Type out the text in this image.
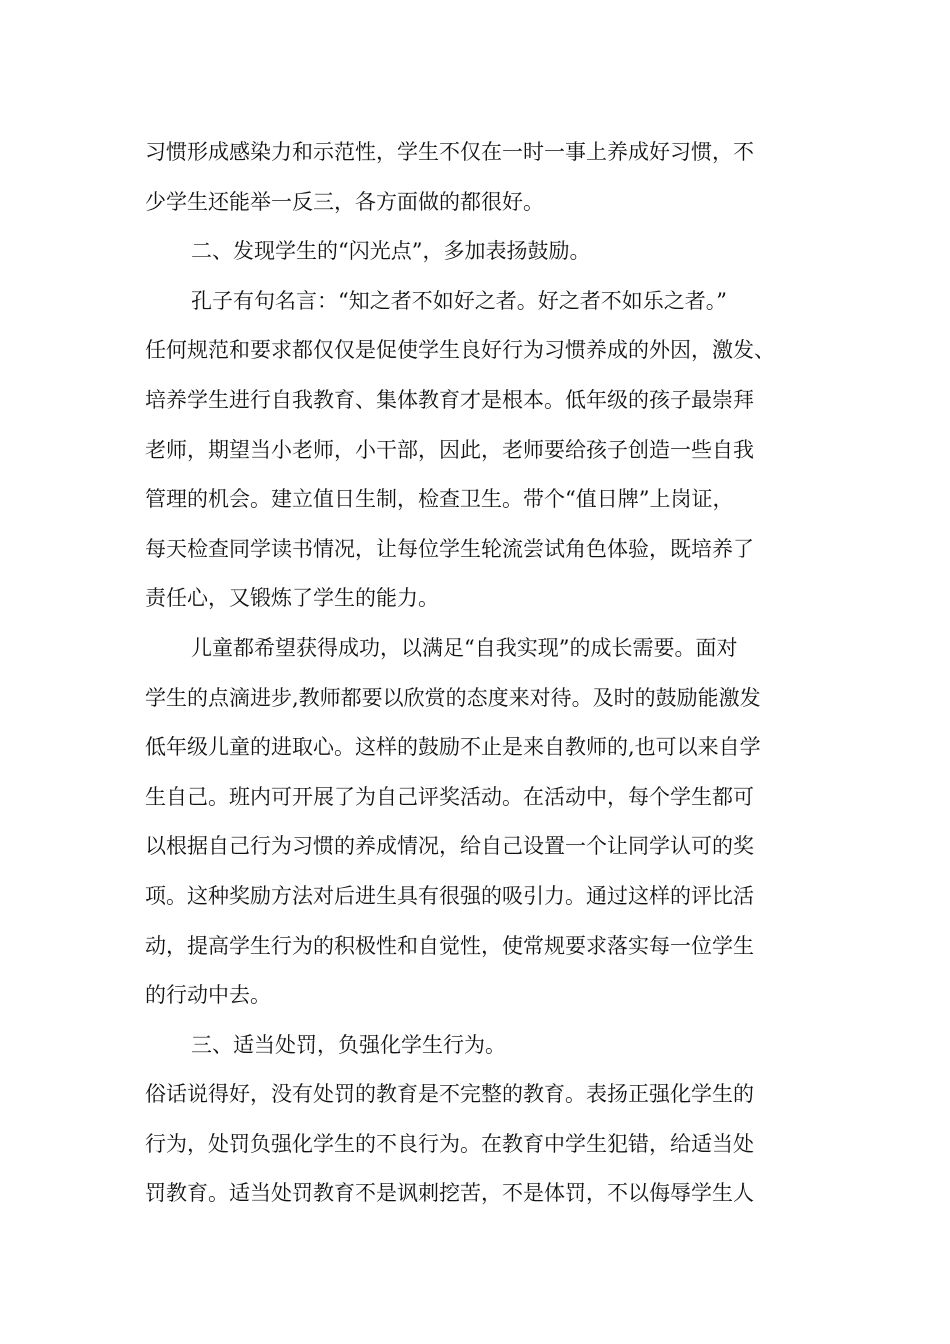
习惯形成感染力和示范性，学生不仅在一时一事上养成好习惯，不
少学生还能举一反三，各方面做的都很好。
二、发现学生的“闪光点”，多加表扬鼓励。
孔子有句名言：“知之者不如好之者。好之者不如乐之者。”
任何规范和要求都仅仅是促使学生良好行为习惯养成的外因，激发、
培养学生进行自我教育、集体教育才是根本。低年级的孩子最崇拜
老师，期望当小老师，小干部，因此，老师要给孩子创造一些自我
管理的机会。建立值日生制，检查卫生。带个“值日牌”上岗证，
每天检查同学读书情况，让每位学生轮流尝试角色体验，既培养了
责任心，又锻炼了学生的能力。
儿童都希望获得成功，以满足“自我实现”的成长需要。面对
学生的点滴进步,教师都要以欣赏的态度来对待。及时的鼓励能激发
低年级儿童的进取心。这样的鼓励不止是来自教师的,也可以来自学
生自己。班内可开展了为自己评奖活动。在活动中，每个学生都可
以根据自己行为习惯的养成情况，给自己设置一个让同学认可的奖
项。这种奖励方法对后进生具有很强的吸引力。通过这样的评比活
动，提高学生行为的积极性和自觉性，使常规要求落实每一位学生
的行动中去。
三、适当处罚，负强化学生行为。
俗话说得好，没有处罚的教育是不完整的教育。表扬正强化学生的
行为，处罚负强化学生的不良行为。在教育中学生犯错，给适当处
罚教育。适当处罚教育不是讽刺挖苦，不是体罚，不以侮辱学生人
